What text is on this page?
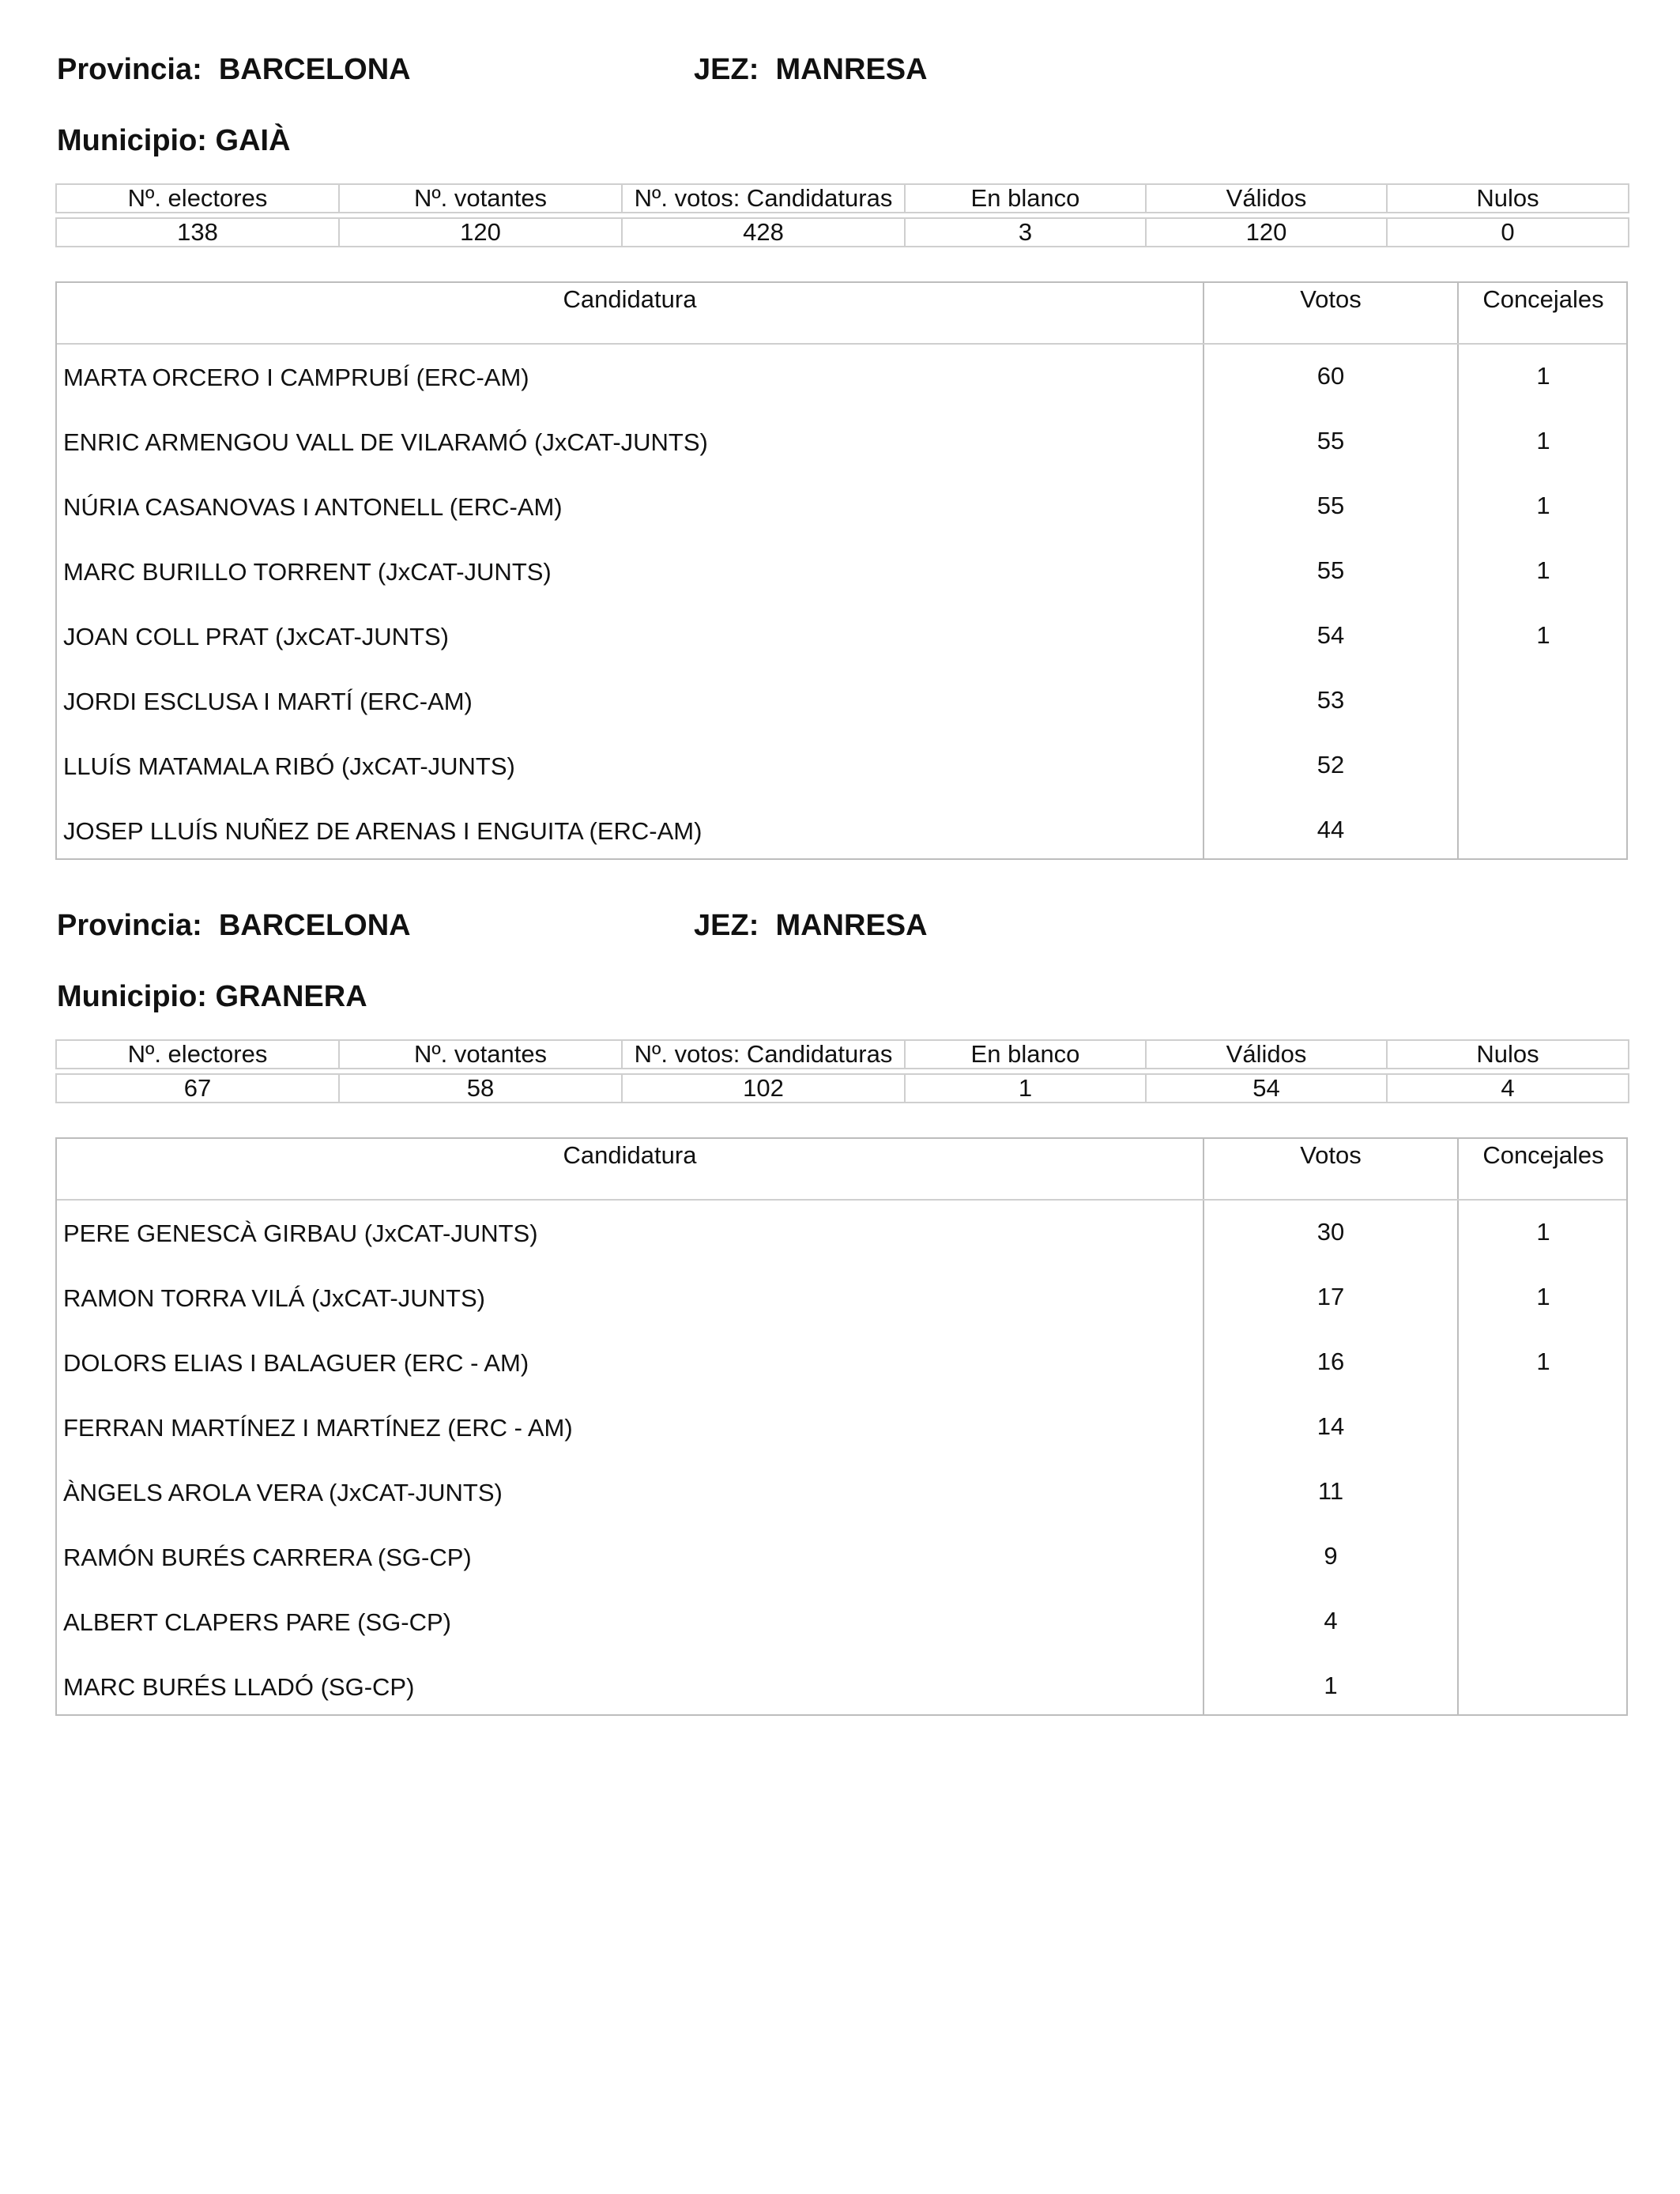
Provincia:  BARCELONA	JEZ:  MANRESA
Municipio: GAIÀ
Nº. electores	Nº. votantes	Nº. votos: Candidaturas	En blanco	Válidos	Nulos

138	120	428	3	120	0
Candidatura	Votos	Concejales
MARTA ORCERO I CAMPRUBÍ (ERC-AM)	60	1
ENRIC ARMENGOU VALL DE VILARAMÓ (JxCAT-JUNTS)	55	1
NÚRIA CASANOVAS I ANTONELL (ERC-AM)	55	1
MARC BURILLO TORRENT (JxCAT-JUNTS)	55	1
JOAN COLL PRAT (JxCAT-JUNTS)	54	1
JORDI ESCLUSA I MARTÍ (ERC-AM)	53
LLUÍS MATAMALA RIBÓ (JxCAT-JUNTS)	52
JOSEP LLUÍS NUÑEZ DE ARENAS I ENGUITA (ERC-AM)	44
Provincia:  BARCELONA	JEZ:  MANRESA
Municipio: GRANERA
Nº. electores	Nº. votantes	Nº. votos: Candidaturas	En blanco	Válidos	Nulos

67	58	102	1	54	4
Candidatura	Votos	Concejales
PERE GENESCÀ GIRBAU (JxCAT-JUNTS)	30	1
RAMON TORRA VILÁ (JxCAT-JUNTS)	17	1
DOLORS ELIAS I BALAGUER (ERC - AM)	16	1
FERRAN MARTÍNEZ I MARTÍNEZ (ERC - AM)	14
ÀNGELS AROLA VERA (JxCAT-JUNTS)	11
RAMÓN BURÉS CARRERA (SG-CP)	9
ALBERT CLAPERS PARE (SG-CP)	4
MARC BURÉS LLADÓ (SG-CP)	1
